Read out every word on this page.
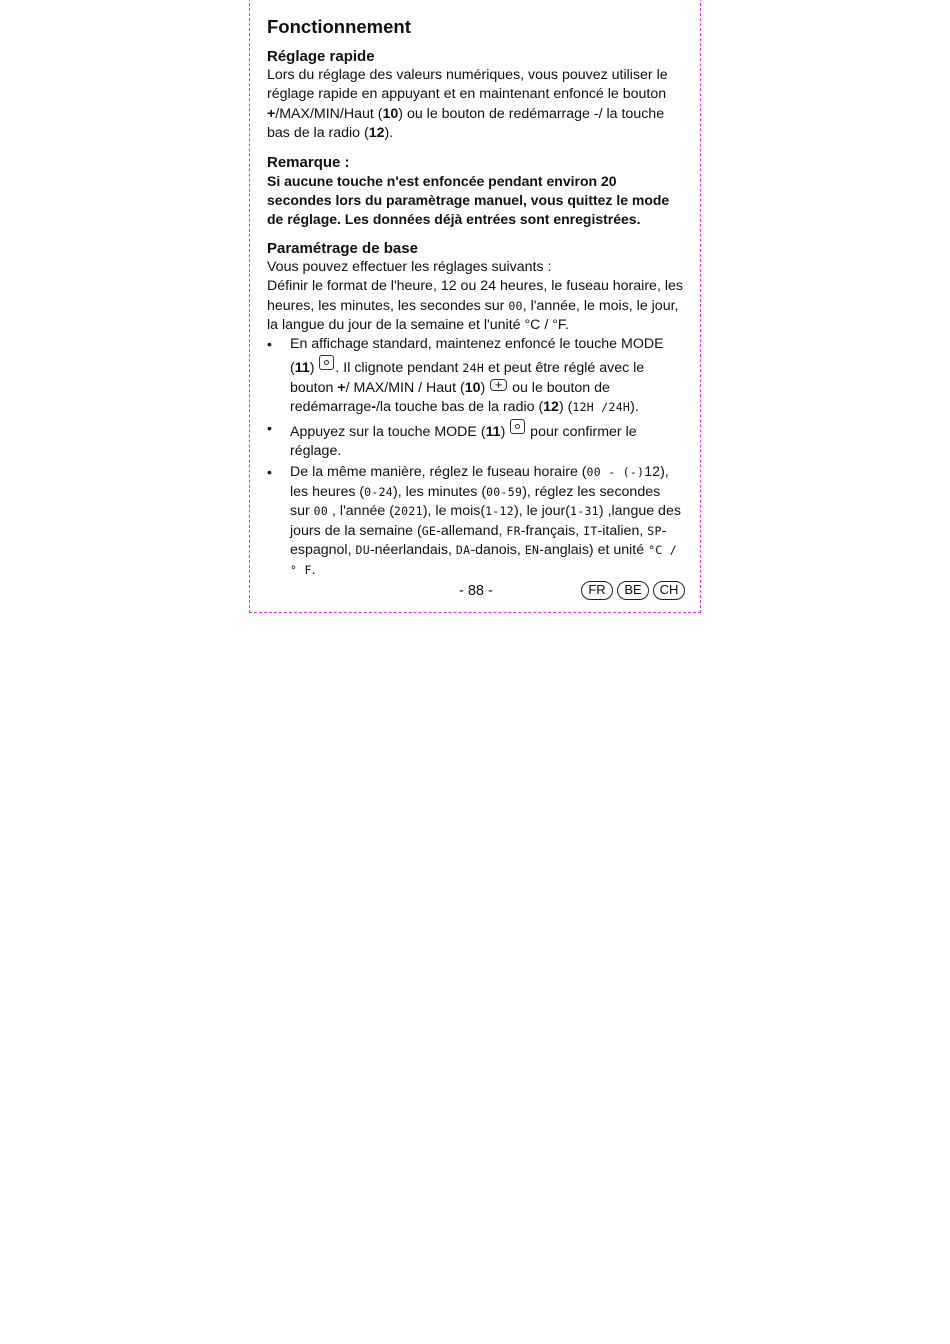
Fonctionnement
Réglage rapide

Lors du réglage des valeurs numériques, vous pouvez utiliser le réglage rapide en appuyant et en maintenant enfoncé le bouton +/MAX/MIN/Haut (10) ou le bouton de redémarrage -/ la touche bas de la radio (12).

Remarque :

Si aucune touche n'est enfoncée pendant environ 20 secondes lors du paramètrage manuel, vous quittez le mode de réglage. Les données déjà entrées sont enregistrées.

Paramétrage de base

Vous pouvez effectuer les réglages suivants :

Définir le format de l'heure, 12 ou 24 heures, le fuseau horaire, les heures, les minutes, les secondes sur 00, l'année, le mois, le jour, la langue du jour de la semaine et l'unité °C / °F.

• En affichage standard, maintenez enfoncé le touche MODE (11) . Il clignote pendant 24H et peut être réglé avec le bouton +/ MAX/MIN / Haut (10) + ou le bouton de redémarrage-/la touche bas de la radio (12) (12H /24H).
• Appuyez sur la touche MODE (11)  pour confirmer le réglage.
• De la même manière, réglez le fuseau horaire (00 - (-)12), les heures (0-24), les minutes (00-59), réglez les secondes sur 00 , l'année (2021), le mois(1-12), le jour(1-31) ,langue des jours de la semaine (GE-allemand, FR-français, IT-italien, SP-espagnol, DU-néerlandais, DA-danois, EN-anglais) et unité °C /° F.
- 88 -	FR	BE	CH
